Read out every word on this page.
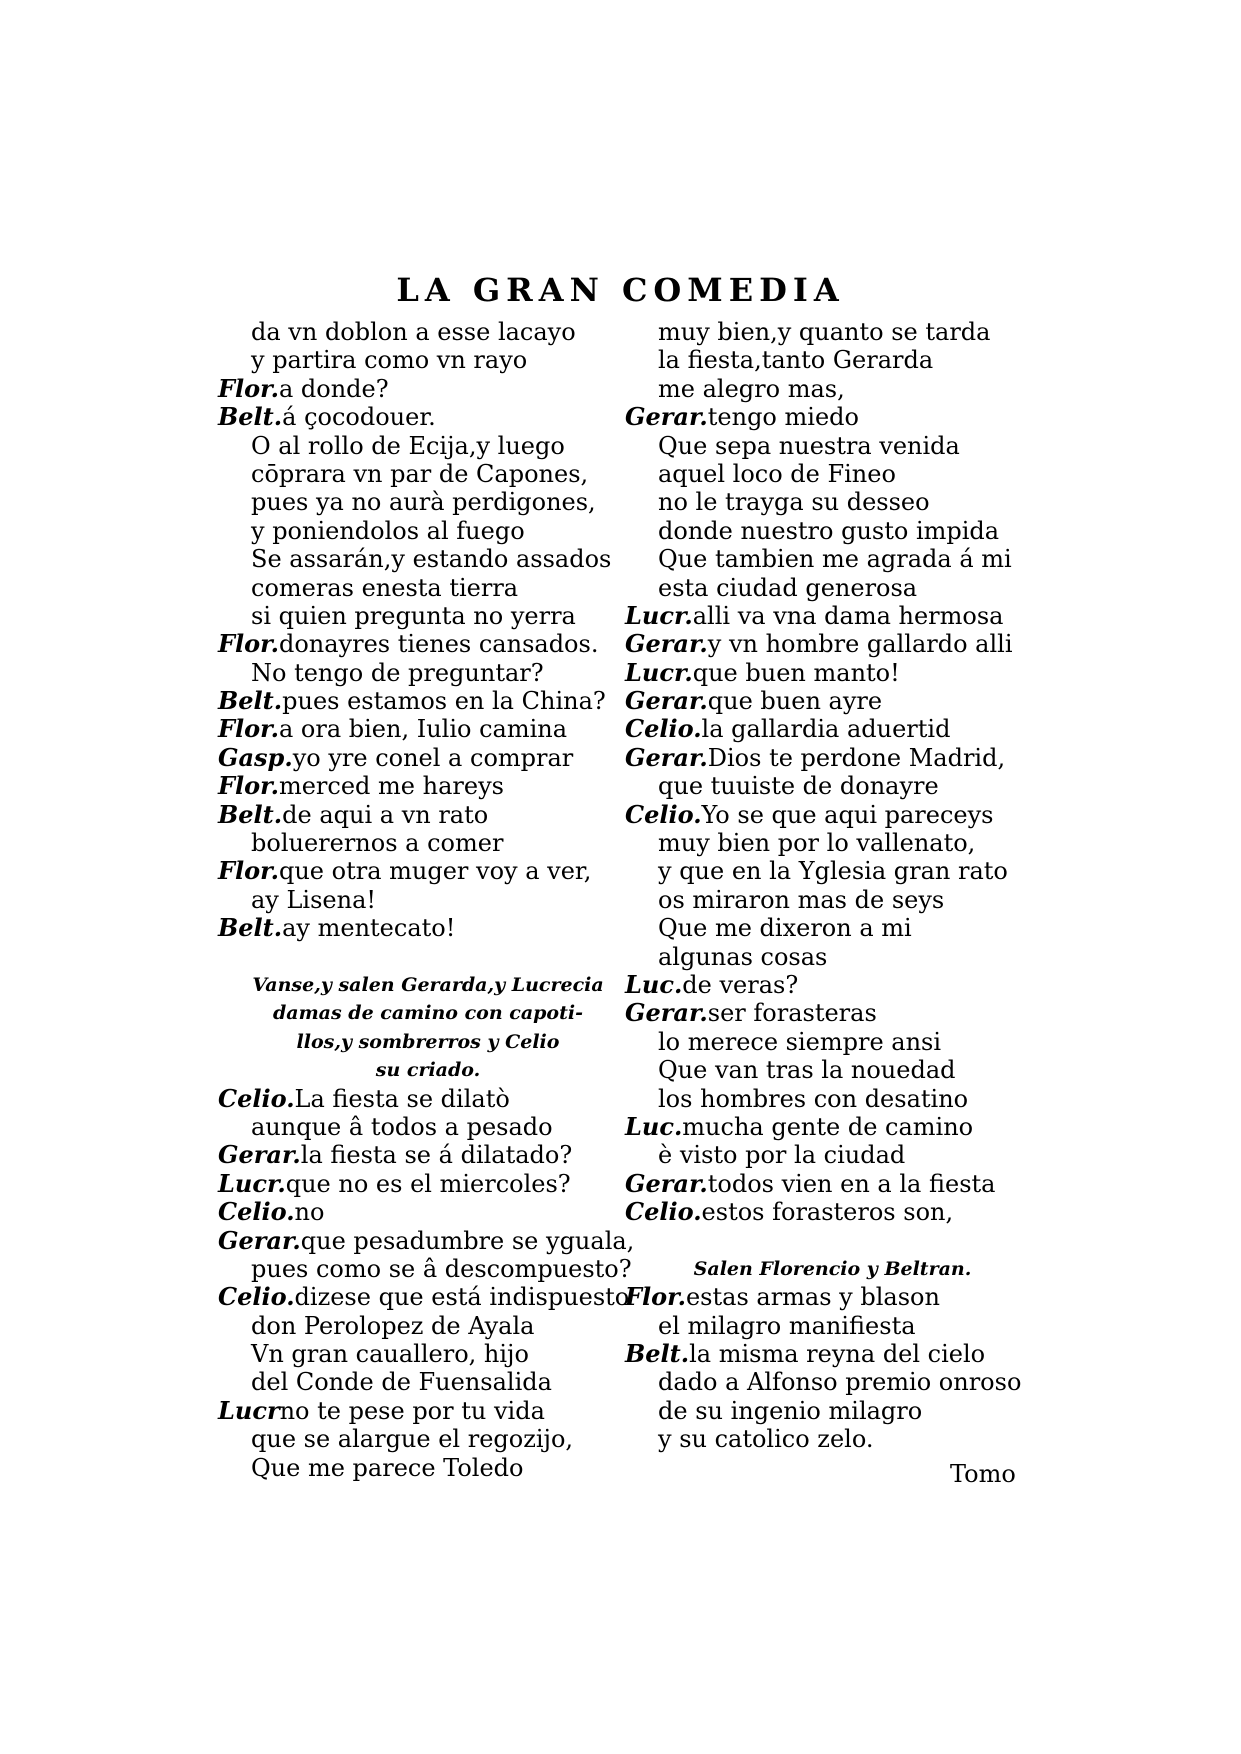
LA GRAN COMEDIA
da vn doblon a esse lacayo
y partira como vn rayo
Flor.a donde?
Belt.á çocodouer.
O al rollo de Ecija,y luego
cōprara vn par de Capones,
pues ya no aurà perdigones,
y poniendolos al fuego
Se assarán,y estando assados
comeras enesta tierra
si quien pregunta no yerra
Flor.donayres tienes cansados.
No tengo de preguntar?
Belt.pues estamos en la China?
Flor.a ora bien, Iulio camina
Gasp.yo yre conel a comprar
Flor.merced me hareys
Belt.de aqui a vn rato
boluerernos a comer
Flor.que otra muger voy a ver,
ay Lisena!
Belt.ay mentecato!
Vanse,y salen Gerarda,y Lucrecia
damas de camino con capoti-
llos,y sombrerros y Celio
su criado.
Celio.La fiesta se dilatò
aunque â todos a pesado
Gerar.la fiesta se á dilatado?
Lucr.que no es el miercoles?
Celio.no
Gerar.que pesadumbre se yguala,
pues como se â descompuesto?
Celio.dizese que está indispuesto
don Perolopez de Ayala
Vn gran cauallero, hijo
del Conde de Fuensalida
Lucrno te pese por tu vida
que se alargue el regozijo,
Que me parece Toledo
muy bien,y quanto se tarda
la fiesta,tanto Gerarda
me alegro mas,
Gerar.tengo miedo
Que sepa nuestra venida
aquel loco de Fineo
no le trayga su desseo
donde nuestro gusto impida
Que tambien me agrada á mi
esta ciudad generosa
Lucr.alli va vna dama hermosa
Gerar.y vn hombre gallardo alli
Lucr.que buen manto!
Gerar.que buen ayre
Celio.la gallardia aduertid
Gerar.Dios te perdone Madrid,
que tuuiste de donayre
Celio.Yo se que aqui pareceys
muy bien por lo vallenato,
y que en la Yglesia gran rato
os miraron mas de seys
Que me dixeron a mi
algunas cosas
Luc.de veras?
Gerar.ser forasteras
lo merece siempre ansi
Que van tras la nouedad
los hombres con desatino
Luc.mucha gente de camino
è visto por la ciudad
Gerar.todos vien en a la fiesta
Celio.estos forasteros son,
Salen Florencio y Beltran.
Flor.estas armas y blason
el milagro manifiesta
Belt.la misma reyna del cielo
dado a Alfonso premio onroso
de su ingenio milagro
y su catolico zelo.
Tomo
